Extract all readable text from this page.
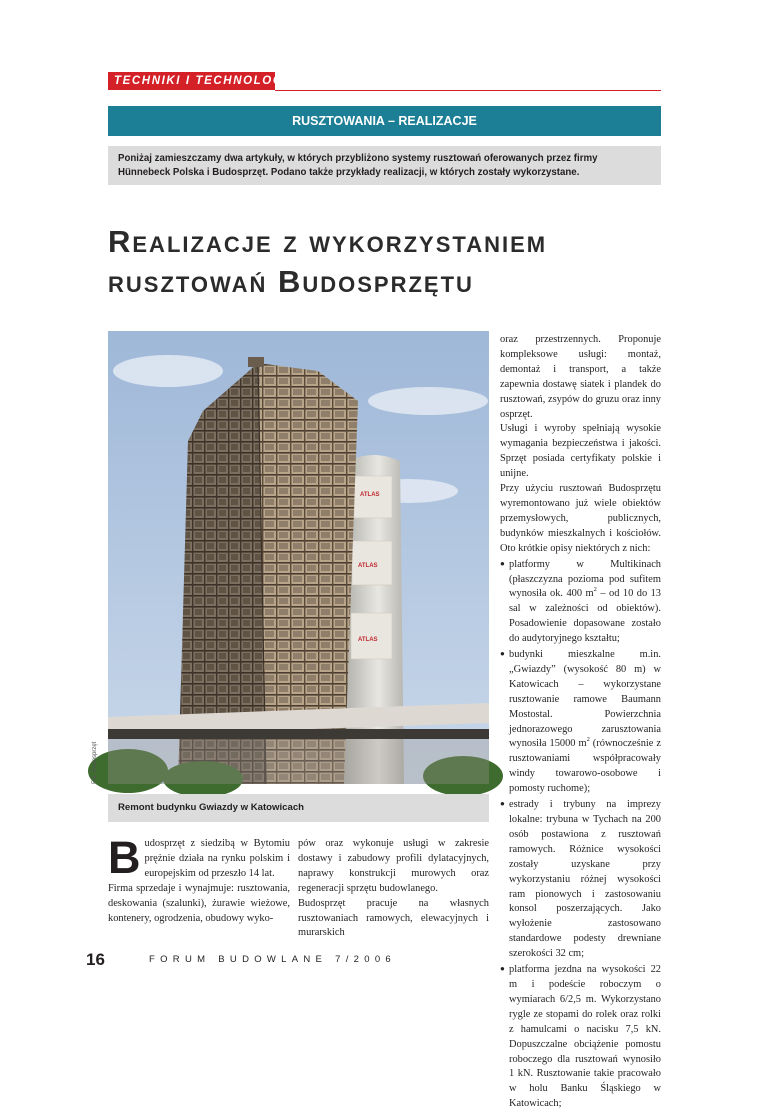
TECHNIKI I TECHNOLOGIE
RUSZTOWANIA – REALIZACJE
Poniżaj zamieszczamy dwa artykuły, w których przybliżono systemy rusztowań oferowanych przez firmy Hünnebeck Polska i Budosprzęt. Podano także przykłady realizacji, w których zostały wykorzystane.
Realizacje z wykorzystaniem
rusztowań Budosprzętu
ATLAS
ATLAS
ATLAS
Fot. Budosprzęt
Remont budynku Gwiazdy w Katowicach

Budosprzęt z siedzibą w Bytomiu prężnie działa na rynku polskim i europejskim od przeszło 14 lat.

Firma sprzedaje i wynajmuje: rusztowania, deskowania (szalunki), żurawie wieżowe, kontenery, ogrodzenia, obudowy wyko-

pów oraz wykonuje usługi w zakresie dostawy i zabudowy profili dylatacyjnych, naprawy konstrukcji murowych oraz regeneracji sprzętu budowlanego.

Budosprzęt pracuje na własnych rusztowaniach ramowych, elewacyjnych i murarskich

oraz przestrzennych. Proponuje kompleksowe usługi: montaż, demontaż i transport, a także zapewnia dostawę siatek i plandek do rusztowań, zsypów do gruzu oraz inny osprzęt.

Usługi i wyroby spełniają wysokie wymagania bezpieczeństwa i jakości. Sprzęt posiada certyfikaty polskie i unijne.

Przy użyciu rusztowań Budosprzętu wyremontowano już wiele obiektów przemysłowych, publicznych, budynków mieszkalnych i kościołów. Oto krótkie opisy niektórych z nich:

● platformy w Multikinach (płaszczyzna pozioma pod sufitem wynosiła ok. 400 $m^2$ – od 10 do 13 sal w zależności od obiektów). Posadowienie dopasowane zostało do audytoryjnego kształtu;

● budynki mieszkalne m.in. „Gwiazdy” (wysokość 80 m) w Katowicach – wykorzystane rusztowanie ramowe Baumann Mostostal. Powierzchnia jednorazowego zarusztowania wynosiła 15000 $m^2$ (równocześnie z rusztowaniami współpracowały windy towarowo-osobowe i pomosty ruchome);

● estrady i trybuny na imprezy lokalne: trybuna w Tychach na 200 osób postawiona z rusztowań ramowych. Różnice wysokości zostały uzyskane przy wykorzystaniu różnej wysokości ram pionowych i zastosowaniu konsol poszerzających. Jako wyłożenie zastosowano standardowe podesty drewniane szerokości 32 cm;

● platforma jezdna na wysokości 22 m i podeście roboczym o wymiarach 6/2,5 m. Wykorzystano rygle ze stopami do rolek oraz rolki z hamulcami o nacisku 7,5 kN. Dopuszczalne obciążenie pomostu roboczego dla rusztowań wynosiło 1 kN. Rusztowanie takie pracowało w holu Banku Śląskiego w Katowicach;

16	FORUM BUDOWLANE 7/2006
